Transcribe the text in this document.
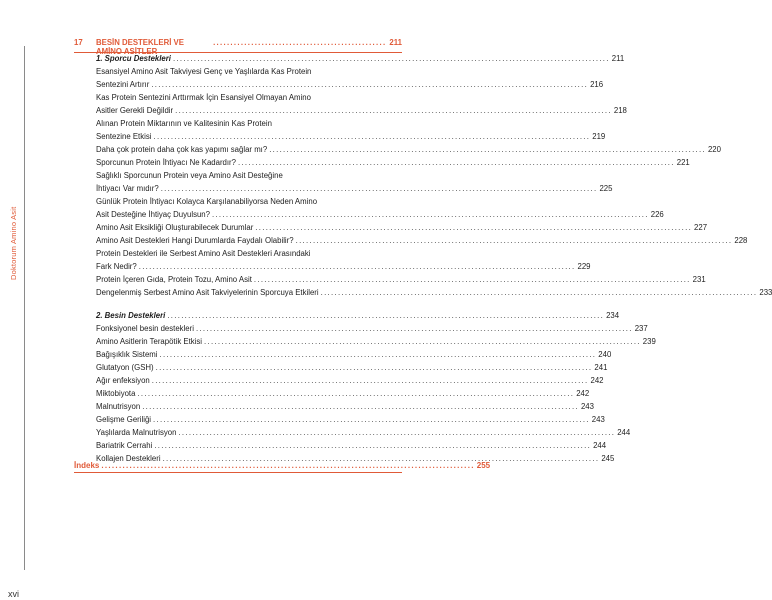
Doktorum Amino Asit
xvi
17	BESİN DESTEKLERİ VE AMİNO ASİTLER
.................................................. 211
1. Sporcu Destekleri .............................................................................................................................. 211
Esansiyel Amino Asit Takviyesi Genç ve Yaşlılarda Kas Protein
Sentezini Artırır .............................................................................................................................. 216
Kas Protein Sentezini Arttırmak İçin Esansiyel Olmayan Amino
Asitler Gerekli Değildir .............................................................................................................................. 218
Alınan Protein Miktarının ve Kalitesinin Kas Protein
Sentezine Etkisi .............................................................................................................................. 219
Daha çok protein daha çok kas yapımı sağlar mı? .............................................................................................................................. 220
Sporcunun Protein İhtiyacı Ne Kadardır? .............................................................................................................................. 221
Sağlıklı Sporcunun Protein veya Amino Asit Desteğine
İhtiyacı Var mıdır? .............................................................................................................................. 225
Günlük Protein İhtiyacı Kolayca Karşılanabiliyorsa Neden Amino
Asit Desteğine İhtiyaç Duyulsun? .............................................................................................................................. 226
Amino Asit Eksikliği Oluşturabilecek Durumlar .............................................................................................................................. 227
Amino Asit Destekleri Hangi Durumlarda Faydalı Olabilir? .............................................................................................................................. 228
Protein Destekleri ile Serbest Amino Asit Destekleri Arasındaki
Fark Nedir? .............................................................................................................................. 229
Protein İçeren Gıda, Protein Tozu, Amino Asit .............................................................................................................................. 231
Dengelenmiş Serbest Amino Asit Takviyelerinin Sporcuya Etkileri .............................................................................................................................. 233
2. Besin Destekleri .............................................................................................................................. 234
Fonksiyonel besin destekleri .............................................................................................................................. 237
Amino Asitlerin Terapötik Etkisi .............................................................................................................................. 239
Bağışıklık Sistemi .............................................................................................................................. 240
Glutatyon (GSH) .............................................................................................................................. 241
Ağır enfeksiyon .............................................................................................................................. 242
Miktobiyota .............................................................................................................................. 242
Malnutrisyon .............................................................................................................................. 243
Gelişme Geriliği .............................................................................................................................. 243
Yaşlılarda Malnutrisyon .............................................................................................................................. 244
Bariatrik Cerrahi .............................................................................................................................. 244
Kollajen Destekleri .............................................................................................................................. 245
İndeks .......................................................................................................... 255
